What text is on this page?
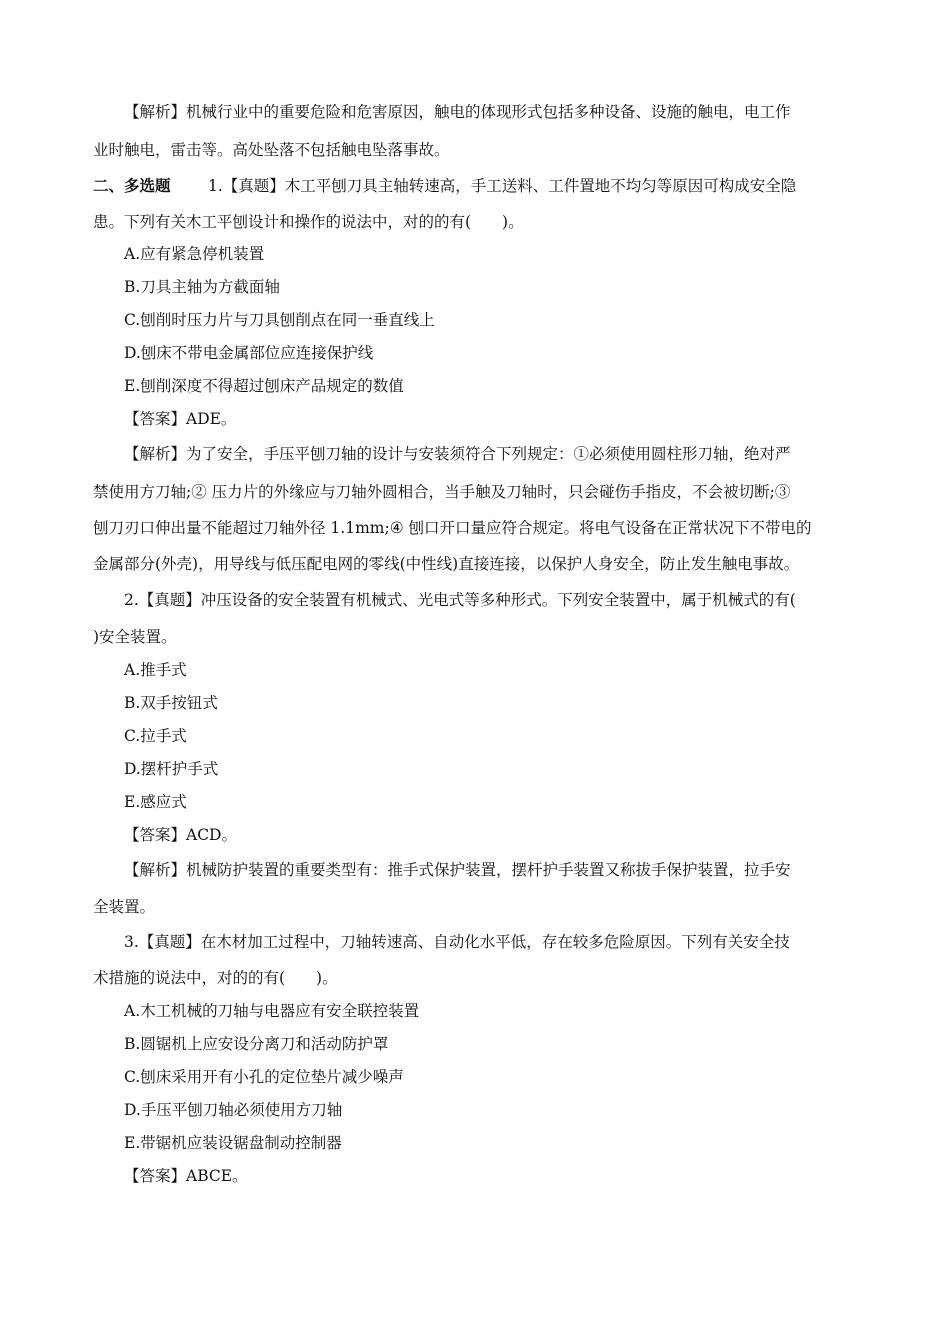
【解析】机械行业中的重要危险和危害原因，触电的体现形式包括多种设备、设施的触电，电工作
业时触电，雷击等。高处坠落不包括触电坠落事故。
二、多选题 1.【真题】木工平刨刀具主轴转速高，手工送料、工件置地不均匀等原因可构成安全隐
患。下列有关木工平刨设计和操作的说法中，对的的有(　　)。
A.应有紧急停机装置
B.刀具主轴为方截面轴
C.刨削时压力片与刀具刨削点在同一垂直线上
D.刨床不带电金属部位应连接保护线
E.刨削深度不得超过刨床产品规定的数值
【答案】ADE。
【解析】为了安全，手压平刨刀轴的设计与安装须符合下列规定：①必须使用圆柱形刀轴，绝对严
禁使用方刀轴;② 压力片的外缘应与刀轴外圆相合，当手触及刀轴时，只会碰伤手指皮，不会被切断;③
刨刀刃口伸出量不能超过刀轴外径 1.1mm;④ 刨口开口量应符合规定。将电气设备在正常状况下不带电的
金属部分(外壳)，用导线与低压配电网的零线(中性线)直接连接，以保护人身安全，防止发生触电事故。
2.【真题】冲压设备的安全装置有机械式、光电式等多种形式。下列安全装置中，属于机械式的有(
)安全装置。
A.推手式
B.双手按钮式
C.拉手式
D.摆杆护手式
E.感应式
【答案】ACD。
【解析】机械防护装置的重要类型有：推手式保护装置，摆杆护手装置又称拔手保护装置，拉手安
全装置。
3.【真题】在木材加工过程中，刀轴转速高、自动化水平低，存在较多危险原因。下列有关安全技
术措施的说法中，对的的有(　　)。
A.木工机械的刀轴与电器应有安全联控装置
B.圆锯机上应安设分离刀和活动防护罩
C.刨床采用开有小孔的定位垫片减少噪声
D.手压平刨刀轴必须使用方刀轴
E.带锯机应装设锯盘制动控制器
【答案】ABCE。
